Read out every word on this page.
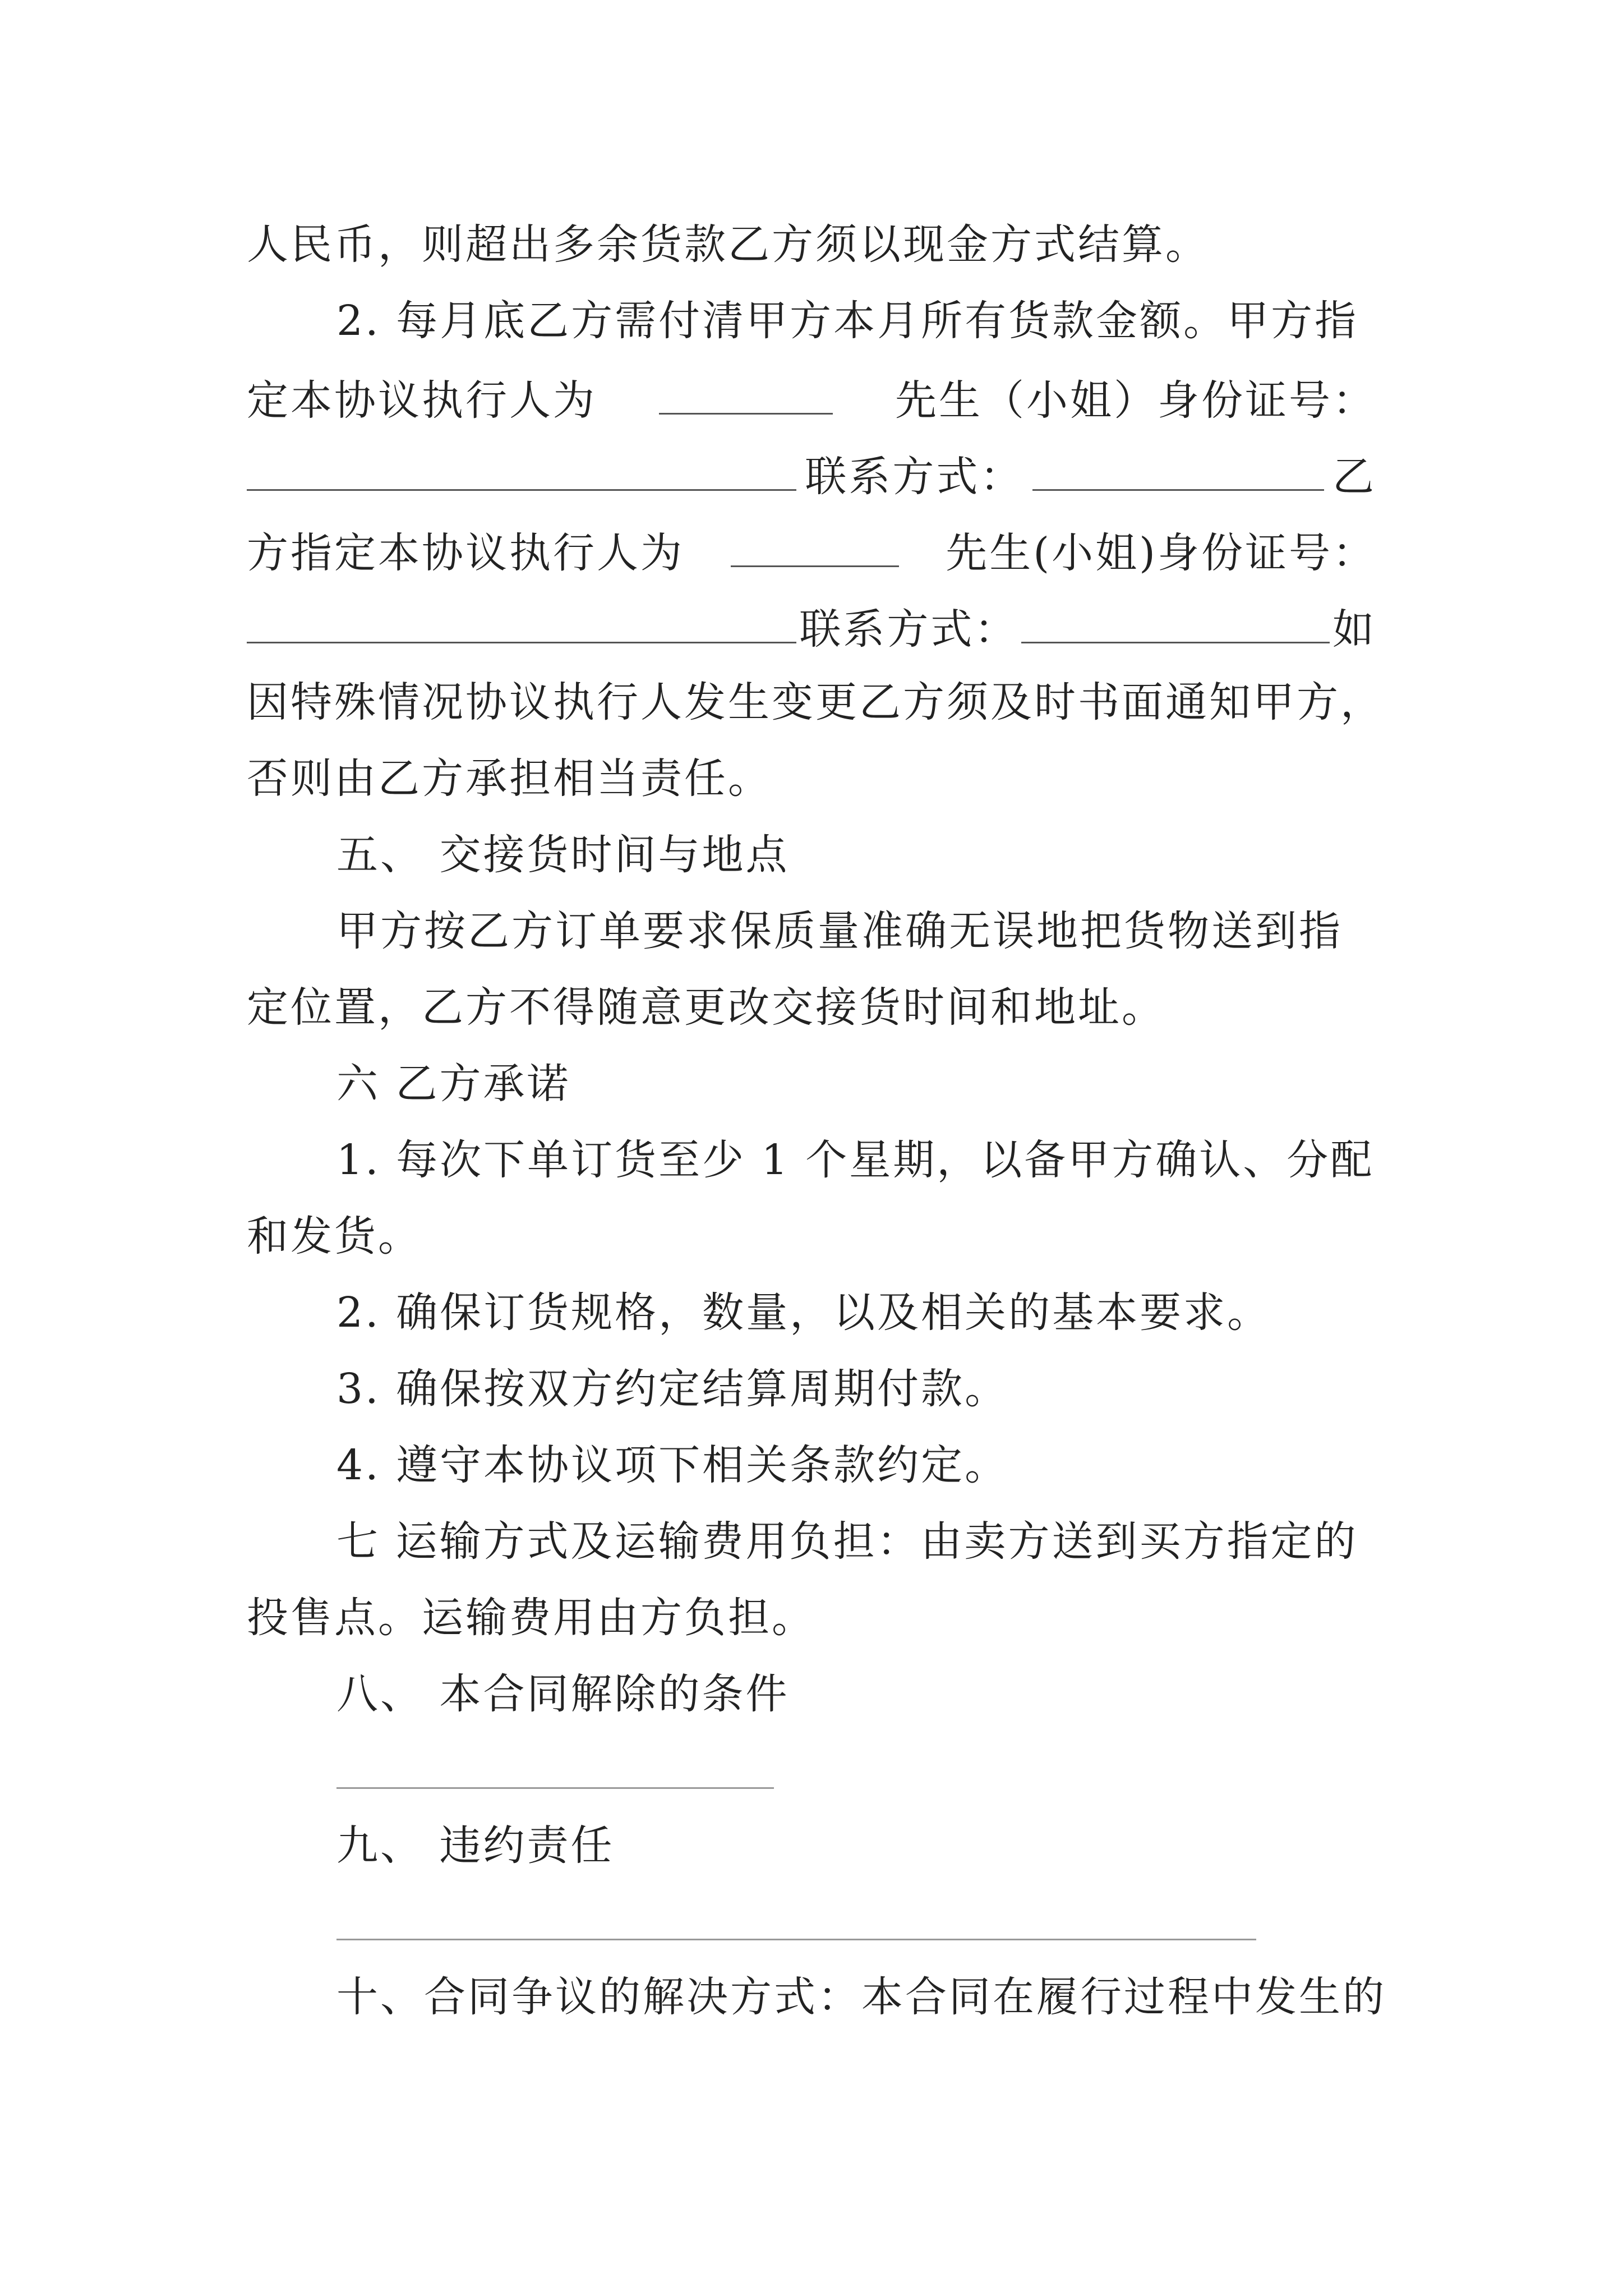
人民币，则超出多余货款乙方须以现金方式结算。
2. 每月底乙方需付清甲方本月所有货款金额。甲方指
定本协议执行人为	先生（小姐）身份证号：
联系方式：	乙
方指定本协议执行人为	先生(小姐)身份证号：
联系方式：	如
因特殊情况协议执行人发生变更乙方须及时书面通知甲方，
否则由乙方承担相当责任。
五、 交接货时间与地点
甲方按乙方订单要求保质量准确无误地把货物送到指
定位置，乙方不得随意更改交接货时间和地址。
六 乙方承诺
1. 每次下单订货至少 1 个星期，以备甲方确认、分配
和发货。
2. 确保订货规格，数量，以及相关的基本要求。
3. 确保按双方约定结算周期付款。
4. 遵守本协议项下相关条款约定。
七 运输方式及运输费用负担：由卖方送到买方指定的
投售点。运输费用由方负担。
八、 本合同解除的条件
九、 违约责任
十、合同争议的解决方式：本合同在履行过程中发生的
